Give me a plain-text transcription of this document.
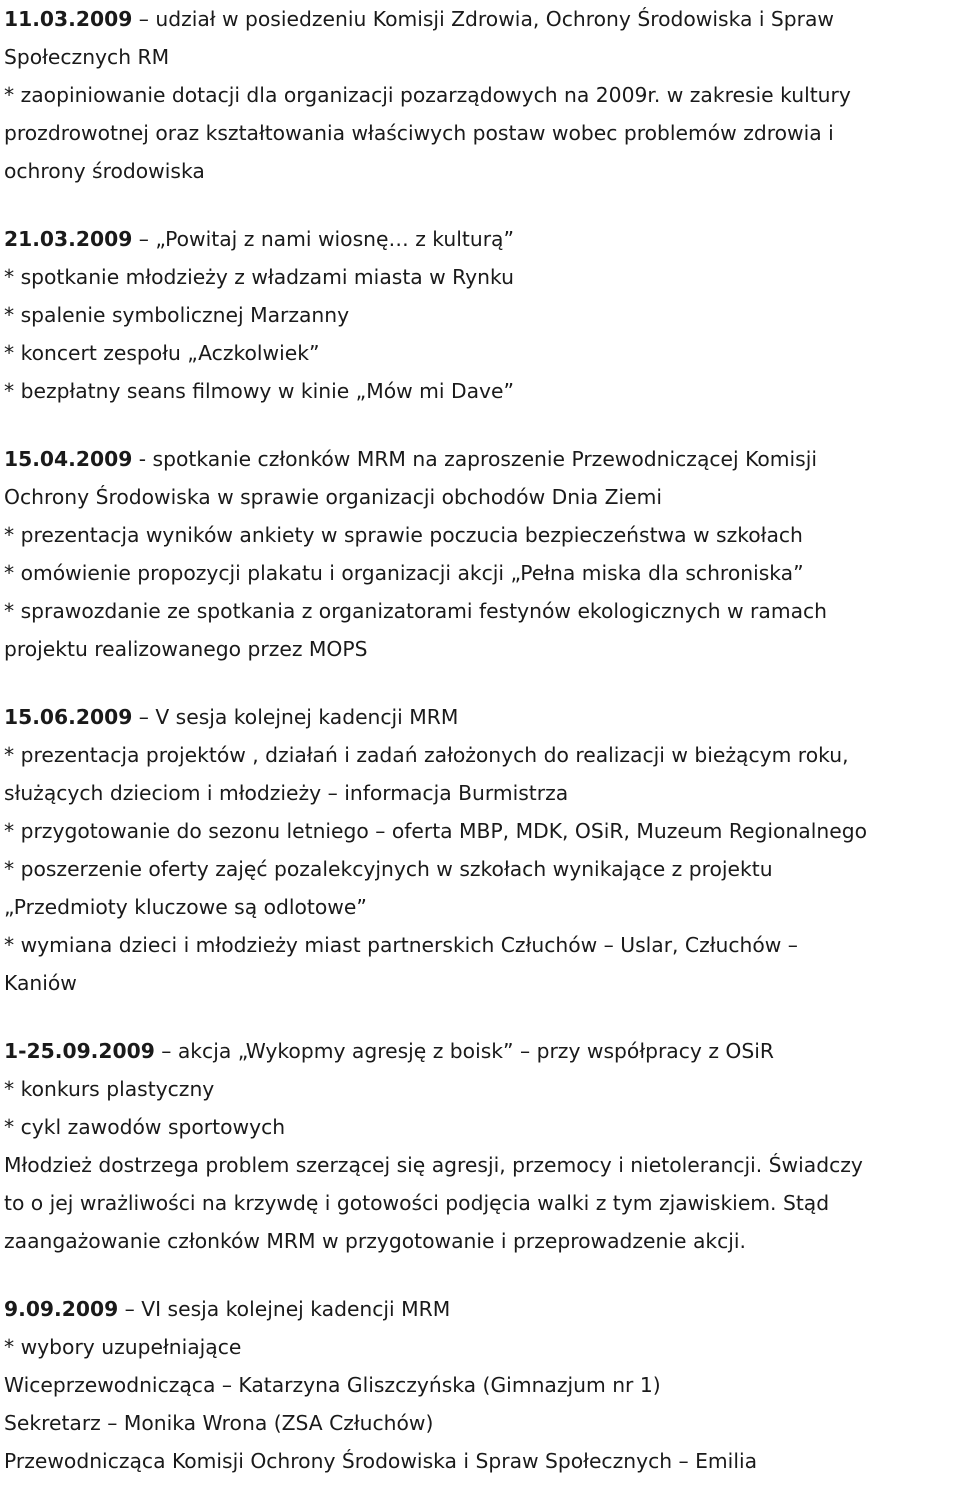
11.03.2009 – udział w posiedzeniu Komisji Zdrowia, Ochrony Środowiska i Spraw
Społecznych RM
* zaopiniowanie dotacji dla organizacji pozarządowych na 2009r. w zakresie kultury
prozdrowotnej oraz kształtowania właściwych postaw wobec problemów zdrowia i
ochrony środowiska
21.03.2009 – „Powitaj z nami wiosnę… z kulturą”
* spotkanie młodzieży z władzami miasta w Rynku
* spalenie symbolicznej Marzanny
* koncert zespołu „Aczkolwiek”
* bezpłatny seans filmowy w kinie „Mów mi Dave”
15.04.2009 - spotkanie członków MRM na zaproszenie Przewodniczącej Komisji
Ochrony Środowiska w sprawie organizacji obchodów Dnia Ziemi
* prezentacja wyników ankiety w sprawie poczucia bezpieczeństwa w szkołach
* omówienie propozycji plakatu i organizacji akcji „Pełna miska dla schroniska”
* sprawozdanie ze spotkania z organizatorami festynów ekologicznych w ramach
projektu realizowanego przez MOPS
15.06.2009 – V sesja kolejnej kadencji MRM
* prezentacja projektów , działań i zadań założonych do realizacji w bieżącym roku,
służących dzieciom i młodzieży – informacja Burmistrza
* przygotowanie do sezonu letniego – oferta MBP, MDK, OSiR, Muzeum Regionalnego
* poszerzenie oferty zajęć pozalekcyjnych w szkołach wynikające z projektu
„Przedmioty kluczowe są odlotowe”
* wymiana dzieci i młodzieży miast partnerskich Człuchów – Uslar, Człuchów –
Kaniów
1-25.09.2009 – akcja „Wykopmy agresję z boisk” – przy współpracy z OSiR
* konkurs plastyczny
* cykl zawodów sportowych
Młodzież dostrzega problem szerzącej się agresji, przemocy i nietolerancji. Świadczy
to o jej wrażliwości na krzywdę i gotowości podjęcia walki z tym zjawiskiem. Stąd
zaangażowanie członków MRM w przygotowanie i przeprowadzenie akcji.
9.09.2009 – VI sesja kolejnej kadencji MRM
* wybory uzupełniające
Wiceprzewodnicząca – Katarzyna Gliszczyńska (Gimnazjum nr 1)
Sekretarz – Monika Wrona (ZSA Człuchów)
Przewodnicząca Komisji Ochrony Środowiska i Spraw Społecznych – Emilia
